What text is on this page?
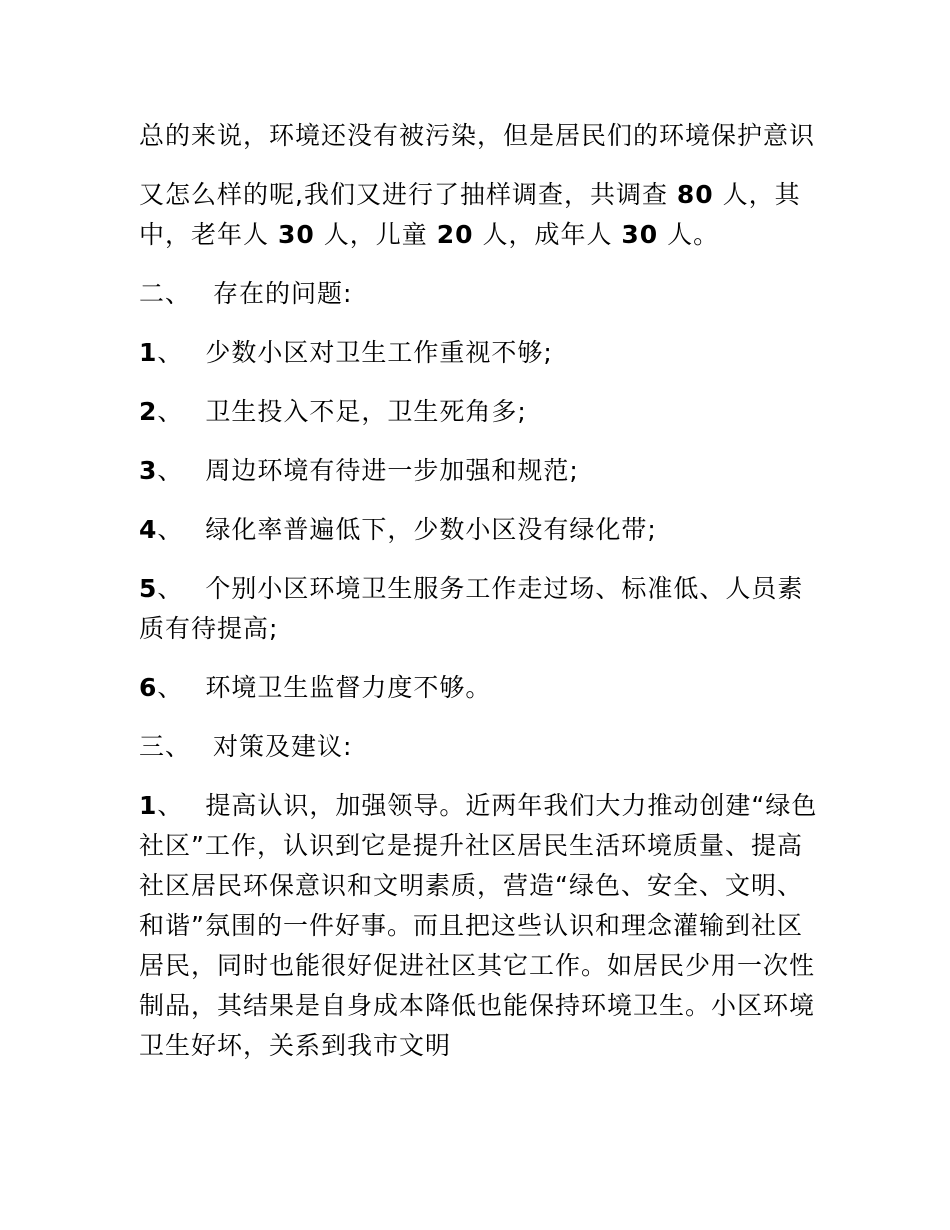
总的来说，环境还没有被污染，但是居民们的环境保护意识

又怎么样的呢,我们又进行了抽样调查，共调查 80 人，其中，老年人 30 人，儿童 20 人，成年人 30 人。

二、 存在的问题:

1、 少数小区对卫生工作重视不够;

2、 卫生投入不足，卫生死角多;

3、 周边环境有待进一步加强和规范;

4、 绿化率普遍低下，少数小区没有绿化带;

5、 个别小区环境卫生服务工作走过场、标准低、人员素质有待提高;

6、 环境卫生监督力度不够。

三、 对策及建议:

1、 提高认识，加强领导。近两年我们大力推动创建“绿色社区”工作，认识到它是提升社区居民生活环境质量、提高社区居民环保意识和文明素质，营造“绿色、安全、文明、和谐”氛围的一件好事。而且把这些认识和理念灌输到社区居民，同时也能很好促进社区其它工作。如居民少用一次性制品，其结果是自身成本降低也能保持环境卫生。小区环境卫生好坏，关系到我市文明
